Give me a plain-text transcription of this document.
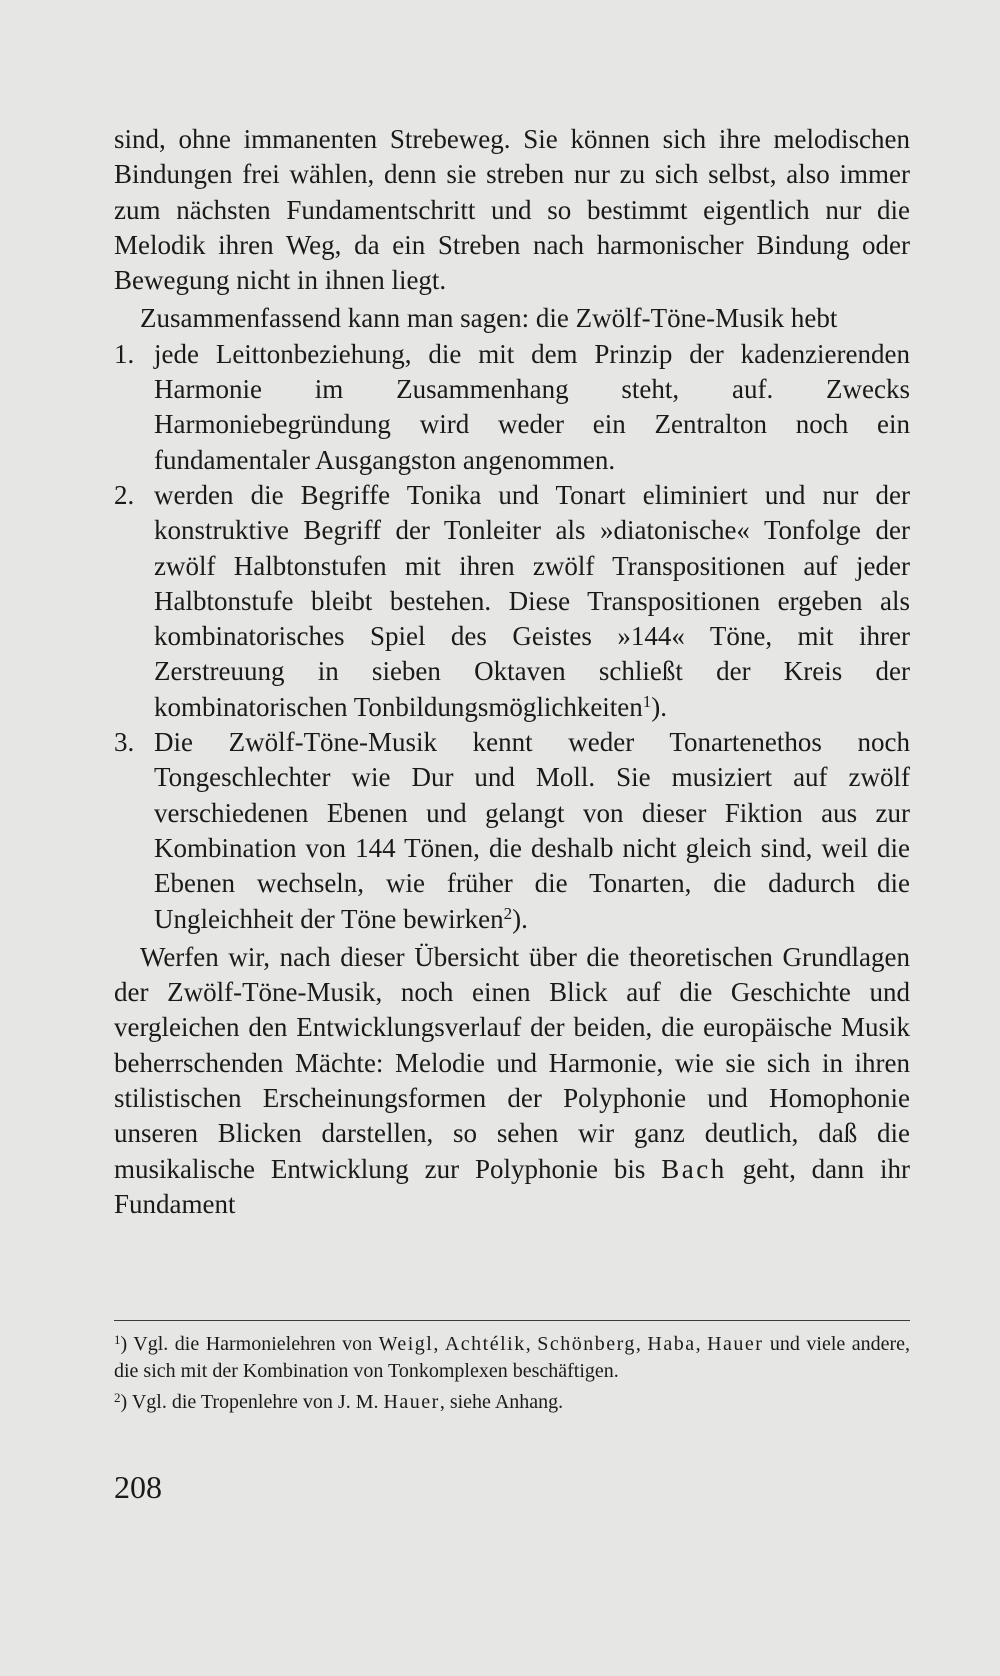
sind, ohne immanenten Strebeweg. Sie können sich ihre melodischen Bindungen frei wählen, denn sie streben nur zu sich selbst, also immer zum nächsten Fundamentschritt und so bestimmt eigentlich nur die Melodik ihren Weg, da ein Streben nach harmonischer Bindung oder Bewegung nicht in ihnen liegt.

Zusammenfassend kann man sagen: die Zwölf-Töne-Musik hebt

1. jede Leittonbeziehung, die mit dem Prinzip der kadenzierenden Harmonie im Zusammenhang steht, auf. Zwecks Harmoniebegründung wird weder ein Zentralton noch ein fundamentaler Ausgangston angenommen.
2. werden die Begriffe Tonika und Tonart eliminiert und nur der konstruktive Begriff der Tonleiter als »diatonische« Tonfolge der zwölf Halbtonstufen mit ihren zwölf Transpositionen auf jeder Halbtonstufe bleibt bestehen. Diese Transpositionen ergeben als kombinatorisches Spiel des Geistes »144« Töne, mit ihrer Zerstreuung in sieben Oktaven schließt der Kreis der kombinatorischen Tonbildungsmöglichkeiten$^1$).
3. Die Zwölf-Töne-Musik kennt weder Tonartenethos noch Tongeschlechter wie Dur und Moll. Sie musiziert auf zwölf verschiedenen Ebenen und gelangt von dieser Fiktion aus zur Kombination von 144 Tönen, die deshalb nicht gleich sind, weil die Ebenen wechseln, wie früher die Tonarten, die dadurch die Ungleichheit der Töne bewirken$^2$).

Werfen wir, nach dieser Übersicht über die theoretischen Grundlagen der Zwölf-Töne-Musik, noch einen Blick auf die Geschichte und vergleichen den Entwicklungsverlauf der beiden, die europäische Musik beherrschenden Mächte: Melodie und Harmonie, wie sie sich in ihren stilistischen Erscheinungsformen der Polyphonie und Homophonie unseren Blicken darstellen, so sehen wir ganz deutlich, daß die musikalische Entwicklung zur Polyphonie bis Bach geht, dann ihr Fundament

$^1$) Vgl. die Harmonielehren von Weigl, Achtélik, Schönberg, Haba, Hauer und viele andere, die sich mit der Kombination von Tonkomplexen beschäftigen.

$^2$) Vgl. die Tropenlehre von J. M. Hauer, siehe Anhang.

208
